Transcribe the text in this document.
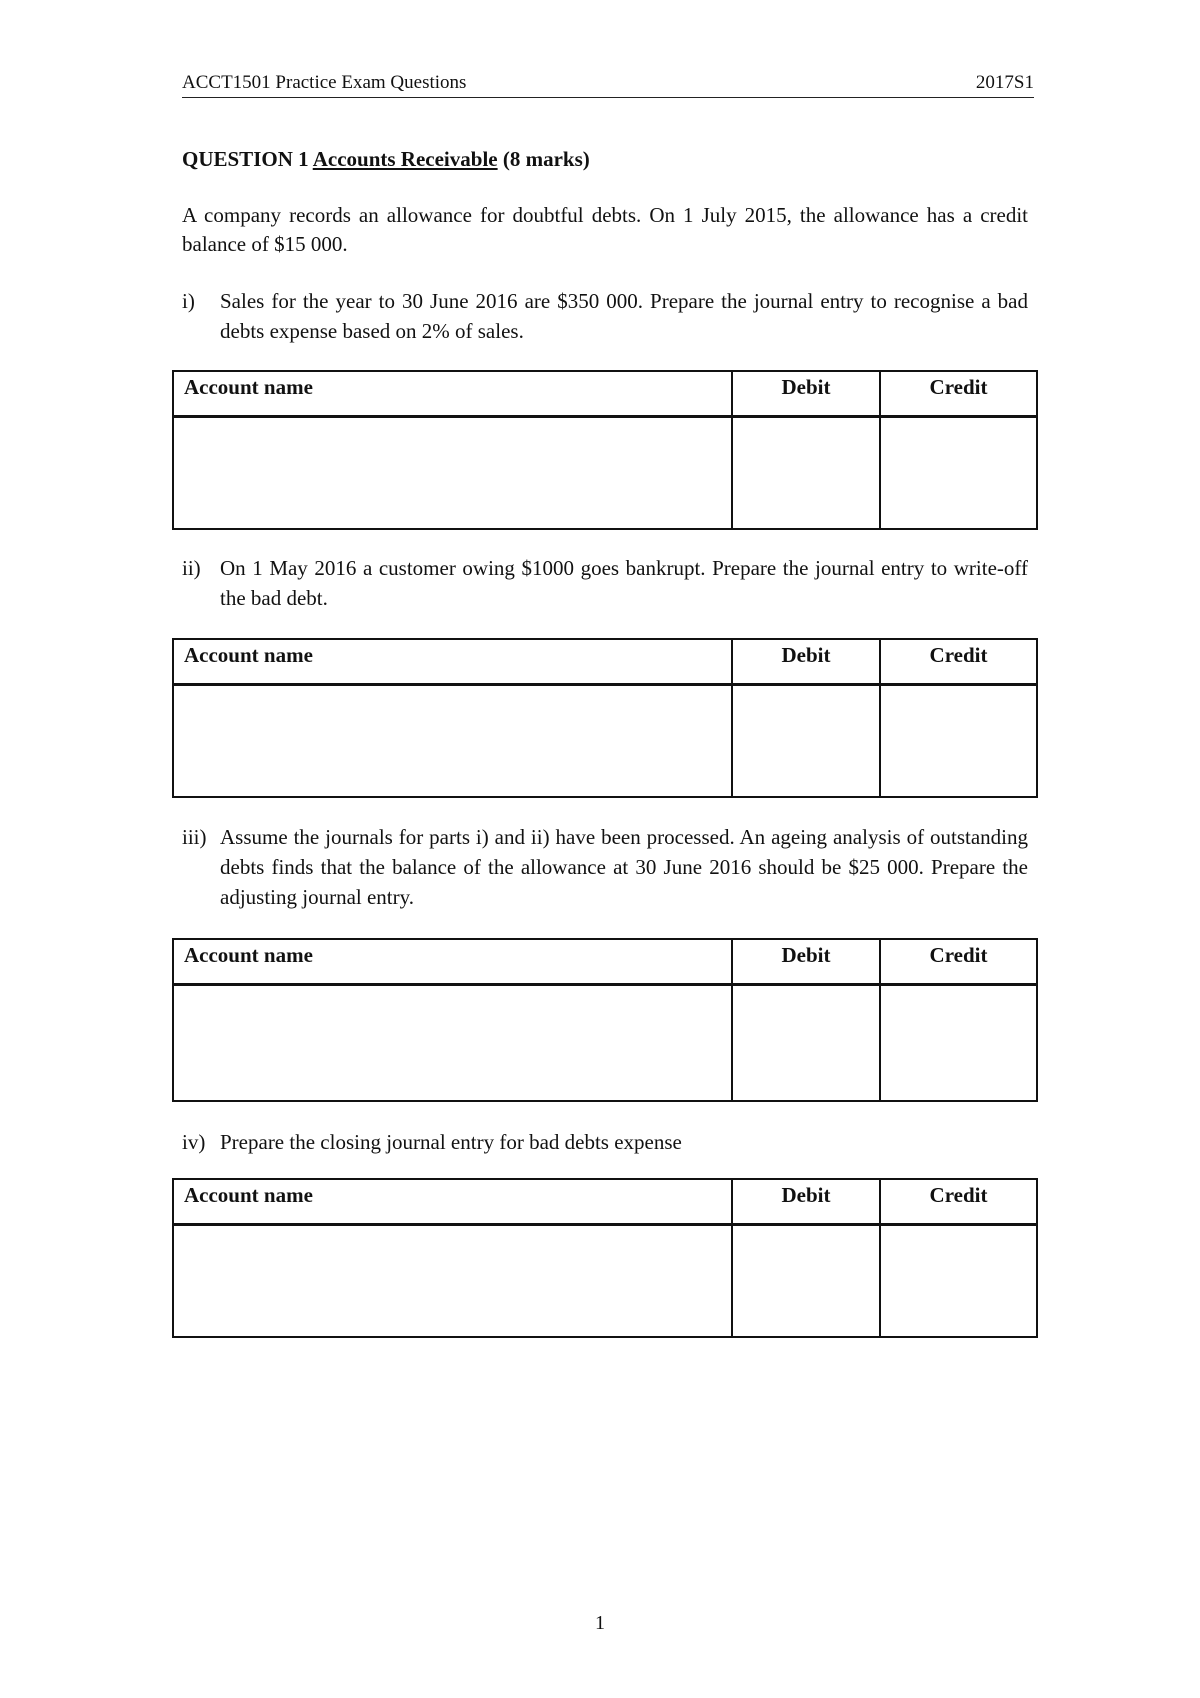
ACCT1501 Practice Exam Questions	2017S1
QUESTION 1 Accounts Receivable (8 marks)
A company records an allowance for doubtful debts. On 1 July 2015, the allowance has a credit balance of $15 000.
i) Sales for the year to 30 June 2016 are $350 000. Prepare the journal entry to recognise a bad debts expense based on 2% of sales.
Account name	Debit	Credit

ii) On 1 May 2016 a customer owing $1000 goes bankrupt. Prepare the journal entry to write-off the bad debt.
Account name	Debit	Credit

iii) Assume the journals for parts i) and ii) have been processed. An ageing analysis of outstanding debts finds that the balance of the allowance at 30 June 2016 should be $25 000. Prepare the adjusting journal entry.
Account name	Debit	Credit

iv) Prepare the closing journal entry for bad debts expense
Account name	Debit	Credit

1
